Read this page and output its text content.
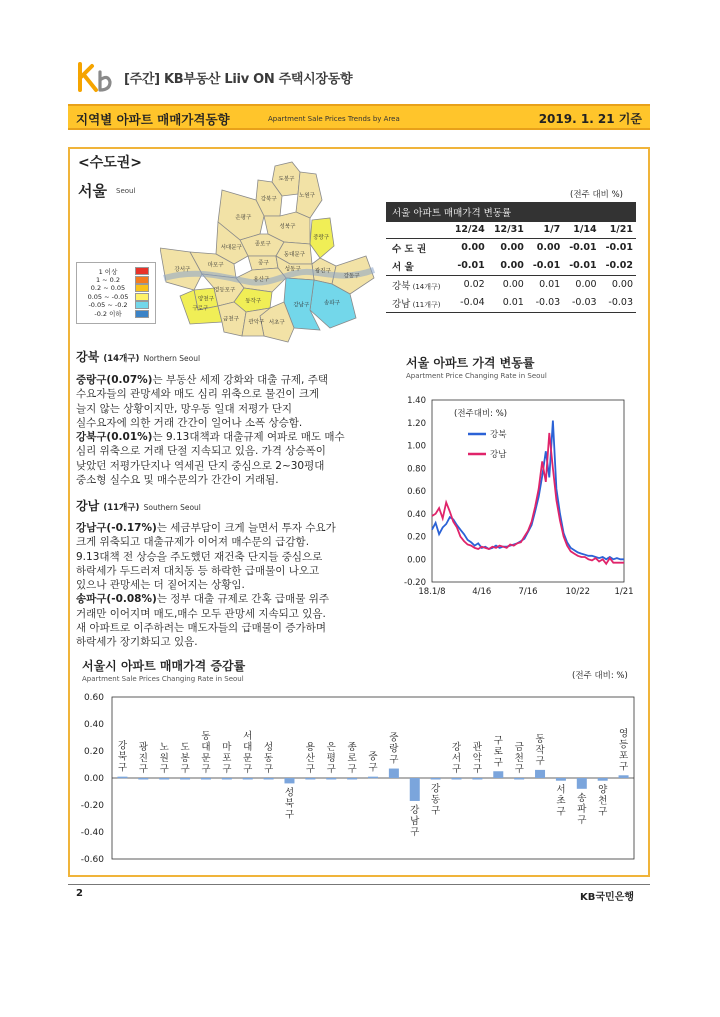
[주간] KB부동산 Liiv ON 주택시장동향
지역별 아파트 매매가격동향	Apartment Sale Prices Trends by Area	2019. 1. 21 기준
<수도권>
서울 Seoul
도봉구
노원구
강북구
중랑구
성북구
은평구
종로구
동대문구
서대문구
광진구
마포구	중구
성동구
강동구
강서구
용산구
송파구
양천구
영등포구
동작구
강남구
서초구
구로구
금천구
관악구
1 이상
1 ~ 0.2
0.2 ~ 0.05
0.05 ~ -0.05
-0.05 ~ -0.2
-0.2 이하
(전주 대비 %)
서울 아파트 매매가격 변동률					
	12/24	12/31	1/7	1/14	1/21
수 도 권	0.00	0.00	0.00	-0.01	-0.01
서 울	-0.01	0.00	-0.01	-0.01	-0.02
강북 (14개구)	0.02	0.00	0.01	0.00	0.00
강남 (11개구)	-0.04	0.01	-0.03	-0.03	-0.03
강북 (14개구) Northern Seoul
중랑구(0.07%)는 부동산 세제 강화와 대출 규제, 주택
수요자들의 관망세와 매도 심리 위축으로 물건이 크게
늘지 않는 상황이지만, 망우동 일대 저평가 단지
실수요자에 의한 거래 간간이 일어나 소폭 상승함.
강북구(0.01%)는 9.13대책과 대출규제 여파로 매도 매수
심리 위축으로 거래 단절 지속되고 있음. 가격 상승폭이
낮았던 저평가단지나 역세권 단지 중심으로 2~30평대
중소형 실수요 및 매수문의가 간간이 거래됨.
강남 (11개구) Southern Seoul
강남구(-0.17%)는 세금부담이 크게 늘면서 투자 수요가
크게 위축되고 대출규제가 이어져 매수문의 급감함.
9.13대책 전 상승을 주도했던 재건축 단지들 중심으로
하락세가 두드러져 대치동 등 하락한 급매물이 나오고
있으나 관망세는 더 짙어지는 상황임.
송파구(-0.08%)는 정부 대출 규제로 간혹 급매물 위주
거래만 이어지며 매도,매수 모두 관망세 지속되고 있음.
새 아파트로 이주하려는 매도자들의 급매물이 증가하며
하락세가 장기화되고 있음.
서울 아파트 가격 변동률
Apartment Price Changing Rate in Seoul
1.40
1.20
1.00
0.80
0.60
0.40
0.20
0.00
-0.20
18.1/8	4/16	7/16	10/22	1/21
(전주대비: %)
강북
강남
서울시 아파트 매매가격 증감률
Apartment Sale Prices Changing Rate in Seoul	(전주 대비: %)
0.60
0.40
0.20
0.00
-0.20
-0.40
-0.60
강 북 구
광 진 구
노 원 구
도 봉 구
동 대 문 구
마 포 구
서 대 문 구
성 동 구
성 북 구
용 산 구
은 평 구
종 로 구
중 구
중 랑 구
강 남 구
강 동 구
강 서 구
관 악 구
구 로 구
금 천 구
동 작 구
서 초 구
송 파 구
양 천 구
영 등 포 구
2	KB국민은행
